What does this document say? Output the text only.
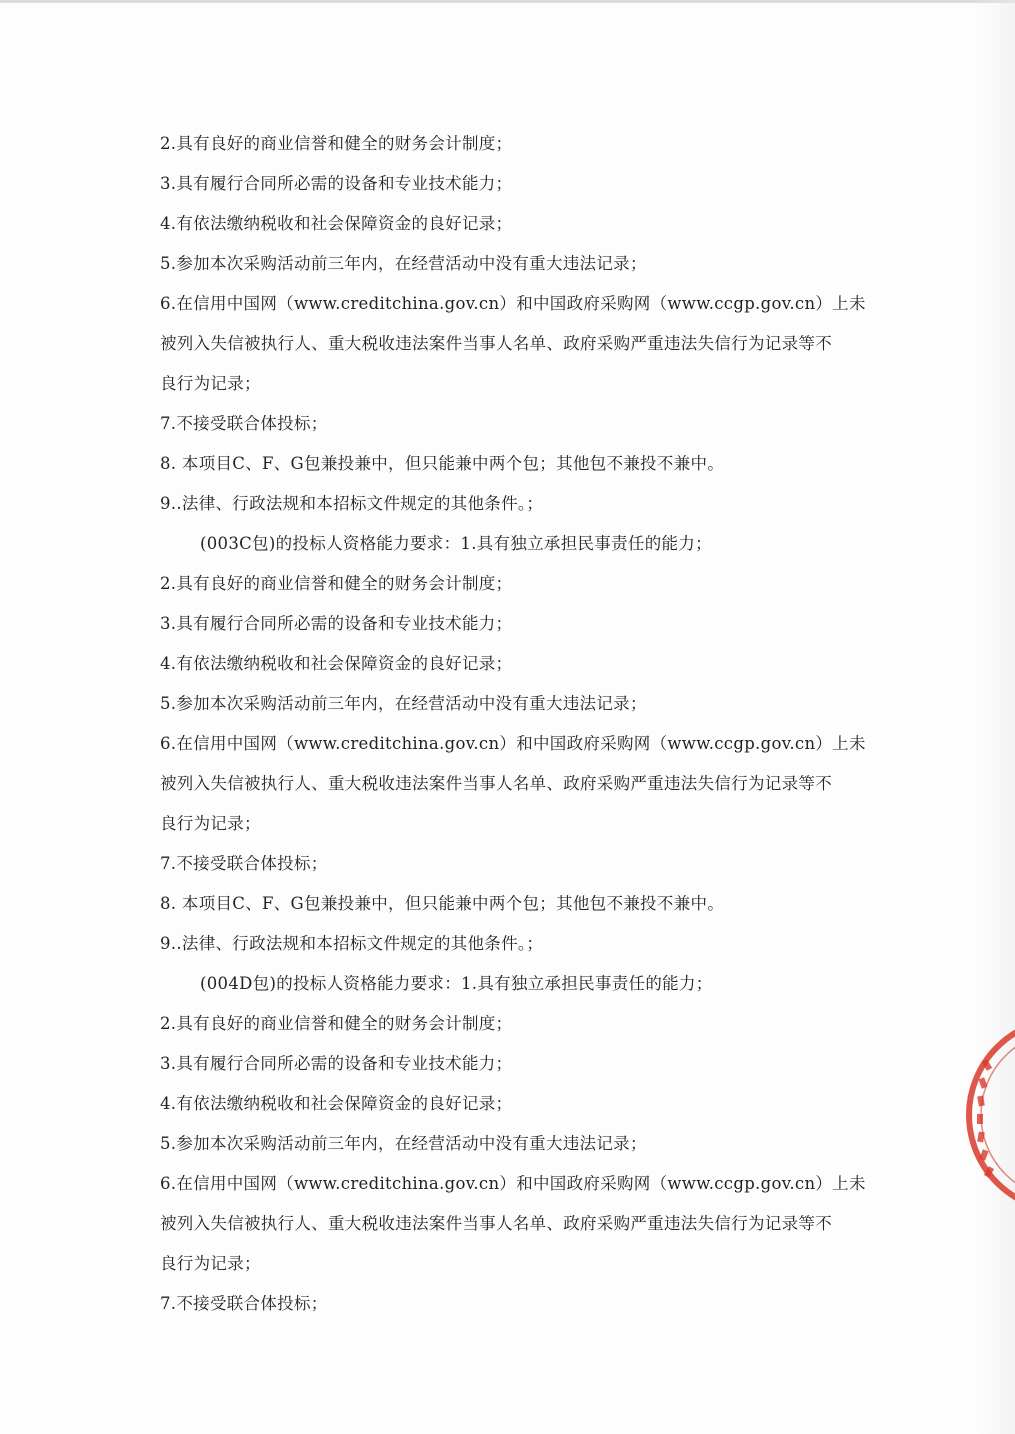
2.具有良好的商业信誉和健全的财务会计制度；
3.具有履行合同所必需的设备和专业技术能力；
4.有依法缴纳税收和社会保障资金的良好记录；
5.参加本次采购活动前三年内，在经营活动中没有重大违法记录；
6.在信用中国网（www.creditchina.gov.cn）和中国政府采购网（www.ccgp.gov.cn）上未
被列入失信被执行人、重大税收违法案件当事人名单、政府采购严重违法失信行为记录等不
良行为记录；
7.不接受联合体投标；
8. 本项目C、F、G包兼投兼中，但只能兼中两个包；其他包不兼投不兼中。
9..法律、行政法规和本招标文件规定的其他条件。；
(003C包)的投标人资格能力要求：1.具有独立承担民事责任的能力；
2.具有良好的商业信誉和健全的财务会计制度；
3.具有履行合同所必需的设备和专业技术能力；
4.有依法缴纳税收和社会保障资金的良好记录；
5.参加本次采购活动前三年内，在经营活动中没有重大违法记录；
6.在信用中国网（www.creditchina.gov.cn）和中国政府采购网（www.ccgp.gov.cn）上未
被列入失信被执行人、重大税收违法案件当事人名单、政府采购严重违法失信行为记录等不
良行为记录；
7.不接受联合体投标；
8. 本项目C、F、G包兼投兼中，但只能兼中两个包；其他包不兼投不兼中。
9..法律、行政法规和本招标文件规定的其他条件。；
(004D包)的投标人资格能力要求：1.具有独立承担民事责任的能力；
2.具有良好的商业信誉和健全的财务会计制度；
3.具有履行合同所必需的设备和专业技术能力；
4.有依法缴纳税收和社会保障资金的良好记录；
5.参加本次采购活动前三年内，在经营活动中没有重大违法记录；
6.在信用中国网（www.creditchina.gov.cn）和中国政府采购网（www.ccgp.gov.cn）上未
被列入失信被执行人、重大税收违法案件当事人名单、政府采购严重违法失信行为记录等不
良行为记录；
7.不接受联合体投标；
